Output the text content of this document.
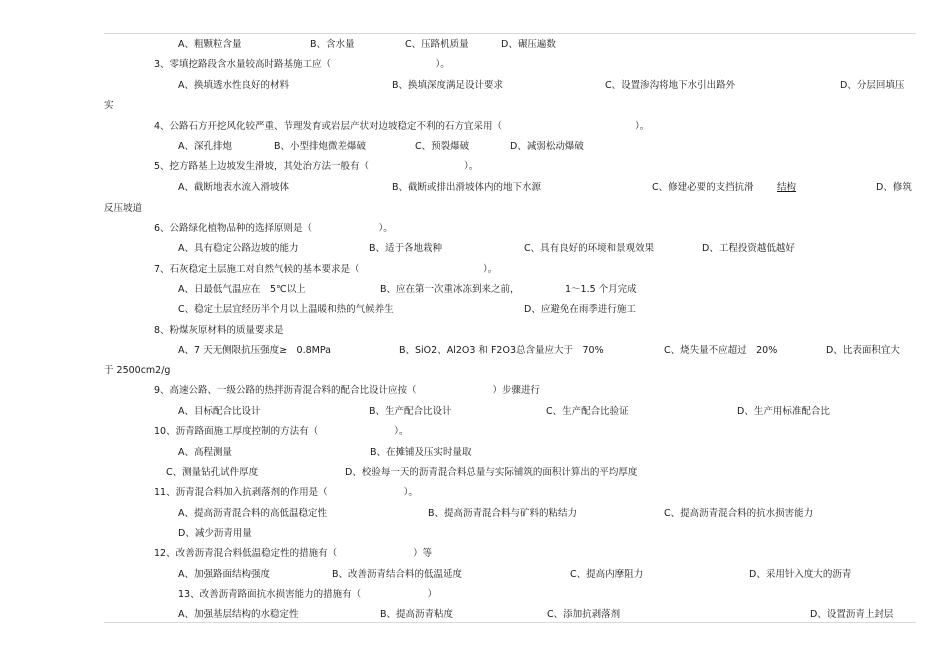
A、粗颗粒含量	B、含水量	C、压路机质量	D、碾压遍数
3、零填挖路段含水量较高时路基施工应（　　　　　　　　　　　）。
A、换填透水性良好的材料	B、换填深度满足设计要求	C、设置渗沟将地下水引出路外	D、分层回填压
实
4、公路石方开挖风化较严重、节理发育或岩层产状对边坡稳定不利的石方宜采用（　　　　　　　　　　　　　　）。
A、深孔排炮	B、小型排炮微差爆破	C、预裂爆破	D、减弱松动爆破
5、挖方路基上边坡发生滑坡，其处治方法一般有（　　　　　　　　　　）。
A、截断地表水流入滑坡体	B、截断或排出滑坡体内的地下水源	C、修建必要的支挡抗滑 结构	D、修筑
反压坡道
6、公路绿化植物品种的选择原则是（　　　　　　　）。
A、具有稳定公路边坡的能力	B、适于各地栽种	C、具有良好的环境和景观效果	D、工程投资越低越好
7、石灰稳定土层施工对自然气候的基本要求是（　　　　　　　　　　　　　）。
A、日最低气温应在　5℃以上	B、应在第一次重冰冻到来之前，	1～1.5 个月完成
C、稳定土层宜经历半个月以上温暖和热的气候养生	D、应避免在雨季进行施工
8、粉煤灰原材料的质量要求是
A、7 天无侧限抗压强度≥　0.8MPa	B、SiO2、Al2O3 和 F2O3总含量应大于　70%	C、烧失量不应超过　20%	D、比表面积宜大
于 2500cm2/g
9、高速公路、一级公路的热拌沥青混合料的配合比设计应按（　　　　　　　　）步骤进行
A、目标配合比设计	B、生产配合比设计	C、生产配合比验证	D、生产用标准配合比
10、沥青路面施工厚度控制的方法有（　　　　　　　　）。
A、高程测量	B、在摊铺及压实时量取
C、测量钻孔试件厚度	D、校验每一天的沥青混合料总量与实际铺筑的面积计算出的平均厚度
11、沥青混合料加入抗剥落剂的作用是（　　　　　　　　）。
A、提高沥青混合料的高低温稳定性	B、提高沥青混合料与矿料的粘结力	C、提高沥青混合料的抗水损害能力
D、减少沥青用量
12、改善沥青混合料低温稳定性的措施有（　　　　　　　　）等
A、加强路面结构强度	B、改善沥青结合料的低温延度	C、提高内摩阻力	D、采用针入度大的沥青
13、改善沥青路面抗水损害能力的措施有（　　　　　　　）
A、加强基层结构的水稳定性	B、提高沥青粘度	C、添加抗剥落剂	D、设置沥青上封层
